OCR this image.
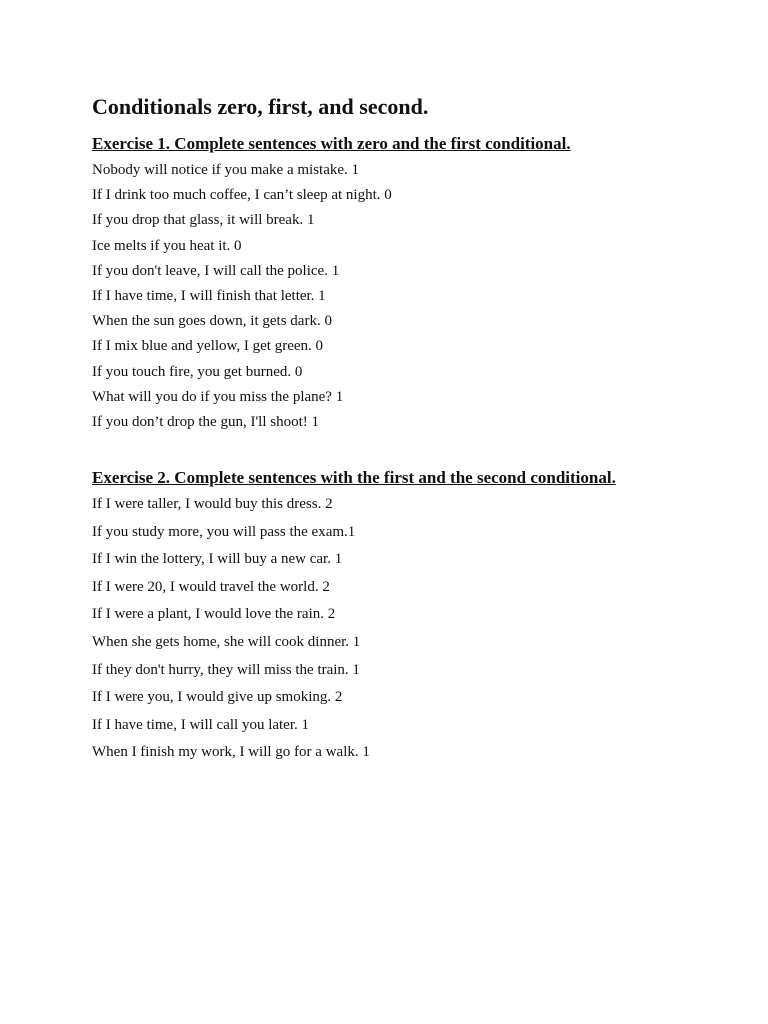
Conditionals zero, first, and second.
Exercise 1. Complete sentences with zero and the first conditional.
Nobody will notice if you make a mistake. 1
If I drink too much coffee, I can’t sleep at night. 0
If you drop that glass, it will break. 1
Ice melts if you heat it. 0
If you don't leave, I will call the police. 1
If I have time, I will finish that letter. 1
When the sun goes down, it gets dark. 0
If I mix blue and yellow, I get green. 0
If you touch fire, you get burned. 0
What will you do if you miss the plane? 1
If you don’t drop the gun, I'll shoot! 1
Exercise 2. Complete sentences with the first and the second conditional.
If I were taller, I would buy this dress. 2
If you study more, you will pass the exam.1
If I win the lottery, I will buy a new car. 1
If I were 20, I would travel the world. 2
If I were a plant, I would love the rain. 2
When she gets home, she will cook dinner. 1
If they don't hurry, they will miss the train. 1
If I were you, I would give up smoking. 2
If I have time, I will call you later. 1
When I finish my work, I will go for a walk. 1
